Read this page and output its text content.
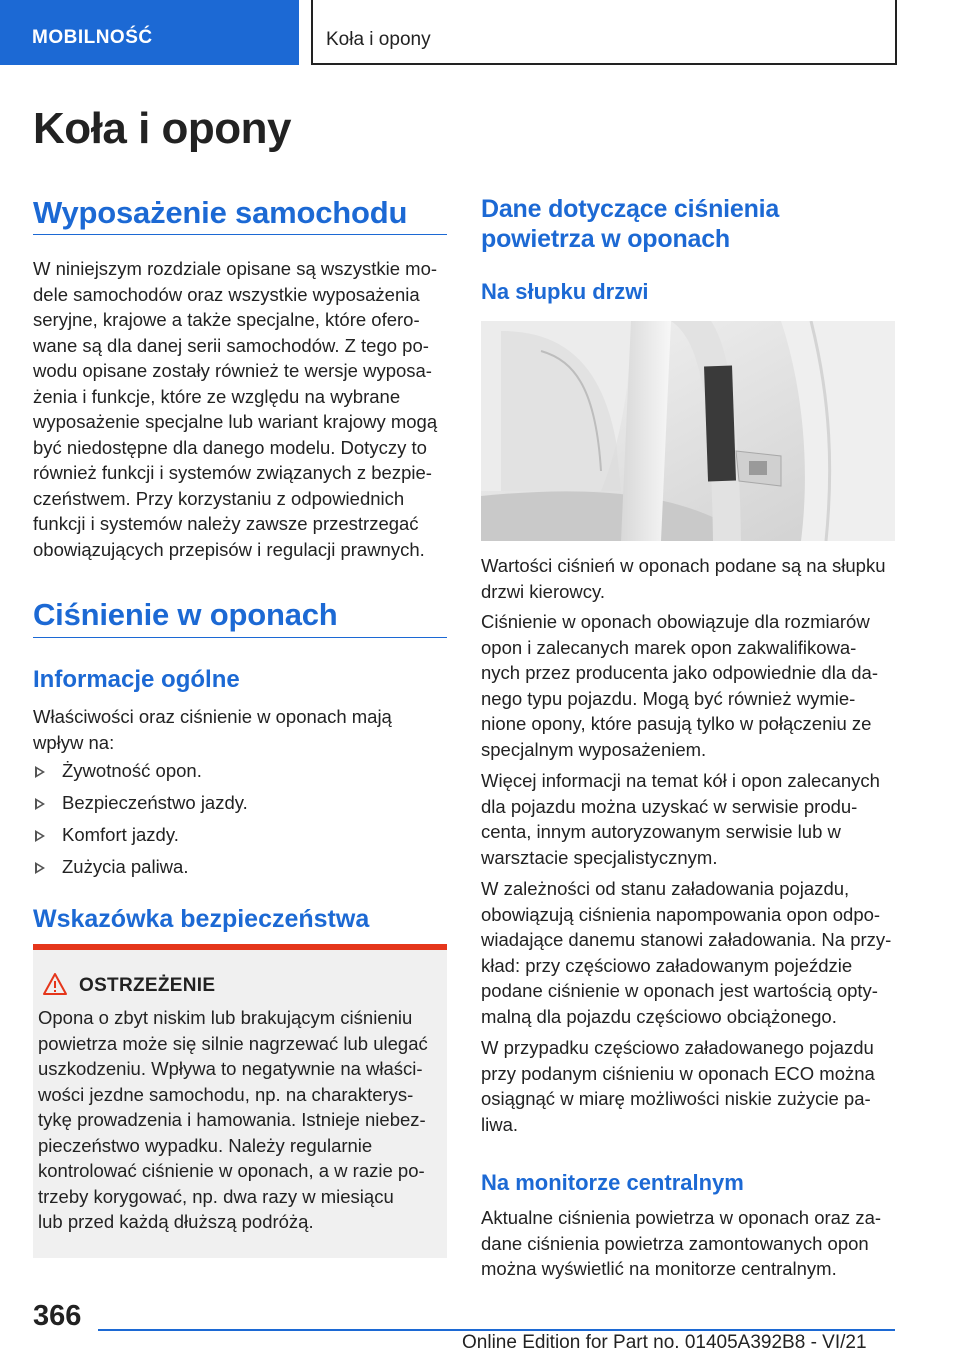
MOBILNOŚĆ	Koła i opony
Koła i opony
Wyposażenie samochodu

W niniejszym rozdziale opisane są wszystkie mo-

dele samochodów oraz wszystkie wyposażenia

seryjne, krajowe a także specjalne, które ofero-

wane są dla danej serii samochodów. Z tego po-

wodu opisane zostały również te wersje wyposa-

żenia i funkcje, które ze względu na wybrane

wyposażenie specjalne lub wariant krajowy mogą

być niedostępne dla danego modelu. Dotyczy to

również funkcji i systemów związanych z bezpie-

czeństwem. Przy korzystaniu z odpowiednich

funkcji i systemów należy zawsze przestrzegać

obowiązujących przepisów i regulacji prawnych.

Ciśnienie w oponach
Informacje ogólne

Właściwości oraz ciśnienie w oponach mają

wpływ na:

Żywotność opon.
Bezpieczeństwo jazdy.
Komfort jazdy.
Zużycia paliwa.
Wskazówka bezpieczeństwa
OSTRZEŻENIE

Opona o zbyt niskim lub brakującym ciśnieniu

powietrza może się silnie nagrzewać lub ulegać

uszkodzeniu. Wpływa to negatywnie na właści-

wości jezdne samochodu, np. na charakterys-

tykę prowadzenia i hamowania. Istnieje niebez-

pieczeństwo wypadku. Należy regularnie

kontrolować ciśnienie w oponach, a w razie po-

trzeby korygować, np. dwa razy w miesiącu

lub przed każdą dłuższą podróżą.

Dane dotyczące ciśnienia
powietrza w oponach
Na słupku drzwi

Wartości ciśnień w oponach podane są na słupku

drzwi kierowcy.

Ciśnienie w oponach obowiązuje dla rozmiarów

opon i zalecanych marek opon zakwalifikowa-

nych przez producenta jako odpowiednie dla da-

nego typu pojazdu. Mogą być również wymie-

nione opony, które pasują tylko w połączeniu ze

specjalnym wyposażeniem.

Więcej informacji na temat kół i opon zalecanych

dla pojazdu można uzyskać w serwisie produ-

centa, innym autoryzowanym serwisie lub w

warsztacie specjalistycznym.

W zależności od stanu załadowania pojazdu,

obowiązują ciśnienia napompowania opon odpo-

wiadające danemu stanowi załadowania. Na przy-

kład: przy częściowo załadowanym pojeździe

podane ciśnienie w oponach jest wartością opty-

malną dla pojazdu częściowo obciążonego.

W przypadku częściowo załadowanego pojazdu

przy podanym ciśnieniu w oponach ECO można

osiągnąć w miarę możliwości niskie zużycie pa-

liwa.

Na monitorze centralnym

Aktualne ciśnienia powietrza w oponach oraz za-

dane ciśnienia powietrza zamontowanych opon

można wyświetlić na monitorze centralnym.

366
Online Edition for Part no. 01405A392B8 - VI/21
